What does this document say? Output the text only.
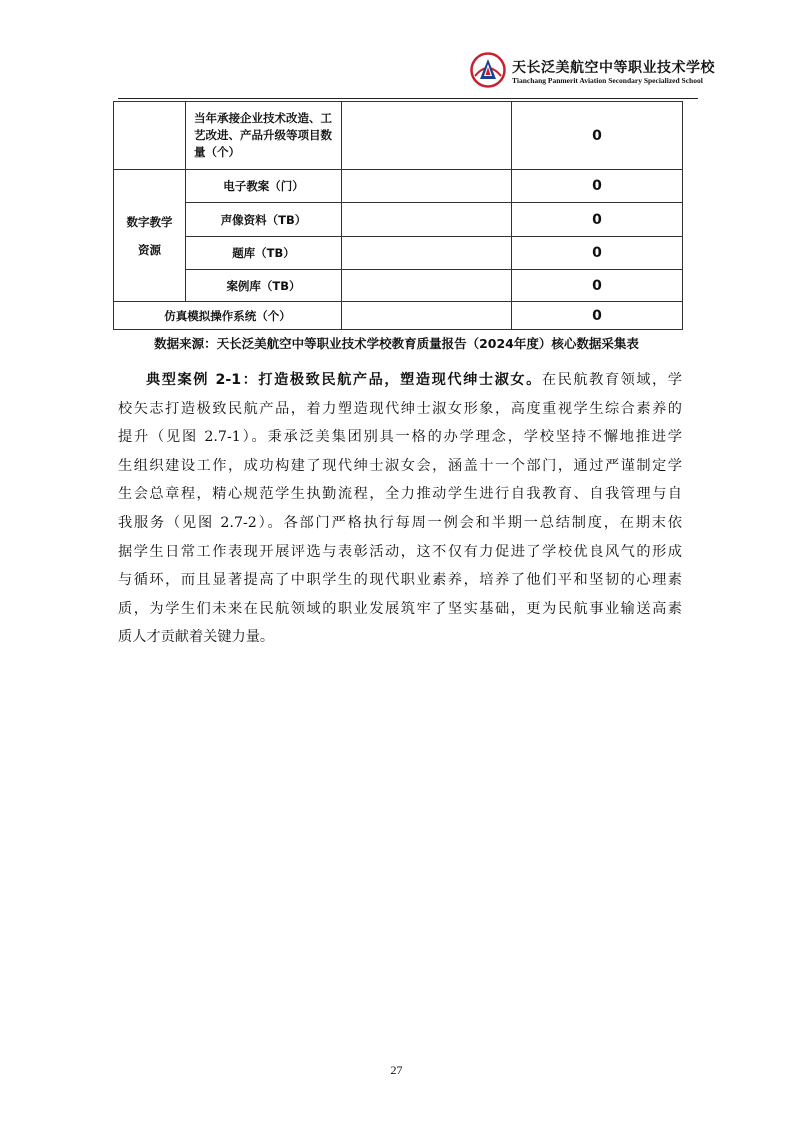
天长泛美航空中等职业技术学校
Tianchang Panmerit Aviation Secondary Specialized School
	当年承接企业技术改造、工艺改进、产品升级等项目数量（个）		0
数字教学
资源	电子教案（门）		0
	声像资料（TB）		0
	题库（TB）		0
	案例库（TB）		0
仿真模拟操作系统（个）			0
数据来源：天长泛美航空中等职业技术学校教育质量报告（2024年度）核心数据采集表
典型案例 2-1：打造极致民航产品，塑造现代绅士淑女。在民航教育领域，学
校矢志打造极致民航产品，着力塑造现代绅士淑女形象，高度重视学生综合素养的
提升（见图 2.7-1）。秉承泛美集团别具一格的办学理念，学校坚持不懈地推进学
生组织建设工作，成功构建了现代绅士淑女会，涵盖十一个部门，通过严谨制定学
生会总章程，精心规范学生执勤流程，全力推动学生进行自我教育、自我管理与自
我服务（见图 2.7-2）。各部门严格执行每周一例会和半期一总结制度，在期末依
据学生日常工作表现开展评选与表彰活动，这不仅有力促进了学校优良风气的形成
与循环，而且显著提高了中职学生的现代职业素养，培养了他们平和坚韧的心理素
质，为学生们未来在民航领域的职业发展筑牢了坚实基础，更为民航事业输送高素
质人才贡献着关键力量。
27
